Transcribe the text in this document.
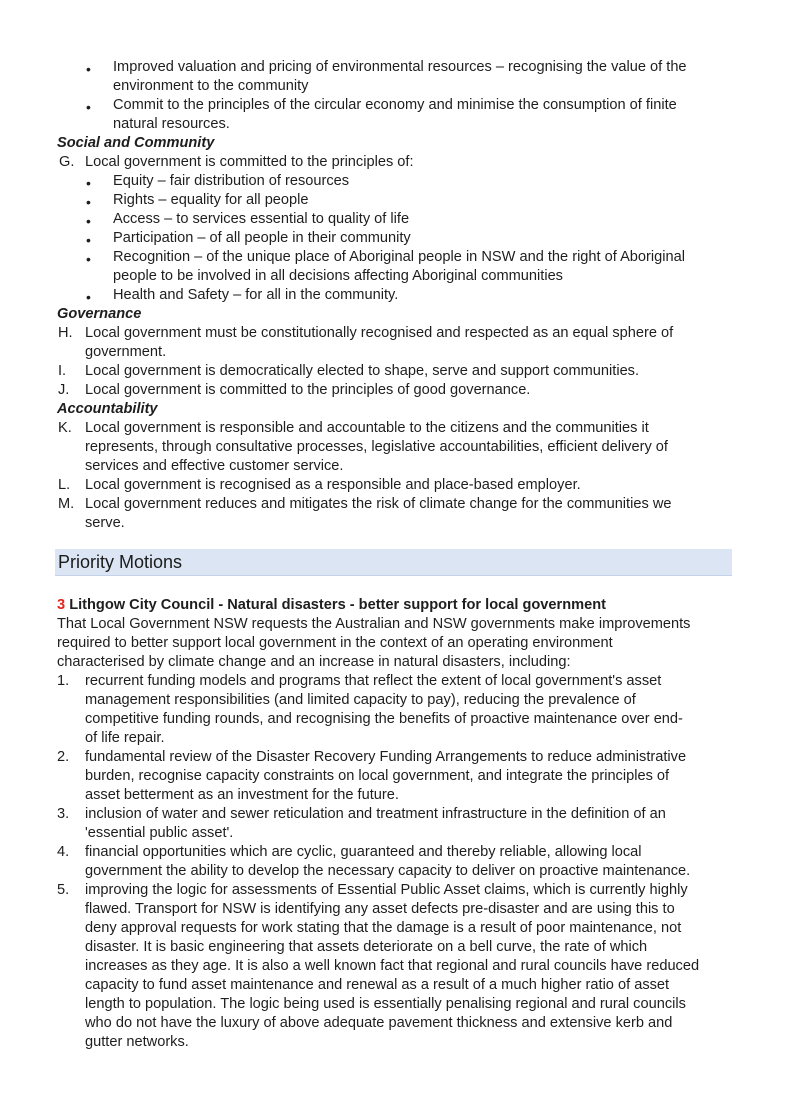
• Improved valuation and pricing of environmental resources – recognising the value of the
environment to the community
• Commit to the principles of the circular economy and minimise the consumption of finite
natural resources.
Social and Community
G. Local government is committed to the principles of:
• Equity – fair distribution of resources
• Rights – equality for all people
• Access – to services essential to quality of life
• Participation – of all people in their community
• Recognition – of the unique place of Aboriginal people in NSW and the right of Aboriginal
people to be involved in all decisions affecting Aboriginal communities
• Health and Safety – for all in the community.
Governance
H. Local government must be constitutionally recognised and respected as an equal sphere of
government.
I. Local government is democratically elected to shape, serve and support communities.
J. Local government is committed to the principles of good governance.
Accountability
K. Local government is responsible and accountable to the citizens and the communities it
represents, through consultative processes, legislative accountabilities, efficient delivery of
services and effective customer service.
L. Local government is recognised as a responsible and place-based employer.
M. Local government reduces and mitigates the risk of climate change for the communities we
serve.
Priority Motions
3 Lithgow City Council - Natural disasters - better support for local government
That Local Government NSW requests the Australian and NSW governments make improvements
required to better support local government in the context of an operating environment
characterised by climate change and an increase in natural disasters, including:
1. recurrent funding models and programs that reflect the extent of local government's asset
management responsibilities (and limited capacity to pay), reducing the prevalence of
competitive funding rounds, and recognising the benefits of proactive maintenance over end-
of life repair.
2. fundamental review of the Disaster Recovery Funding Arrangements to reduce administrative
burden, recognise capacity constraints on local government, and integrate the principles of
asset betterment as an investment for the future.
3. inclusion of water and sewer reticulation and treatment infrastructure in the definition of an
'essential public asset'.
4. financial opportunities which are cyclic, guaranteed and thereby reliable, allowing local
government the ability to develop the necessary capacity to deliver on proactive maintenance.
5. improving the logic for assessments of Essential Public Asset claims, which is currently highly
flawed. Transport for NSW is identifying any asset defects pre-disaster and are using this to
deny approval requests for work stating that the damage is a result of poor maintenance, not
disaster. It is basic engineering that assets deteriorate on a bell curve, the rate of which
increases as they age. It is also a well known fact that regional and rural councils have reduced
capacity to fund asset maintenance and renewal as a result of a much higher ratio of asset
length to population. The logic being used is essentially penalising regional and rural councils
who do not have the luxury of above adequate pavement thickness and extensive kerb and
gutter networks.
